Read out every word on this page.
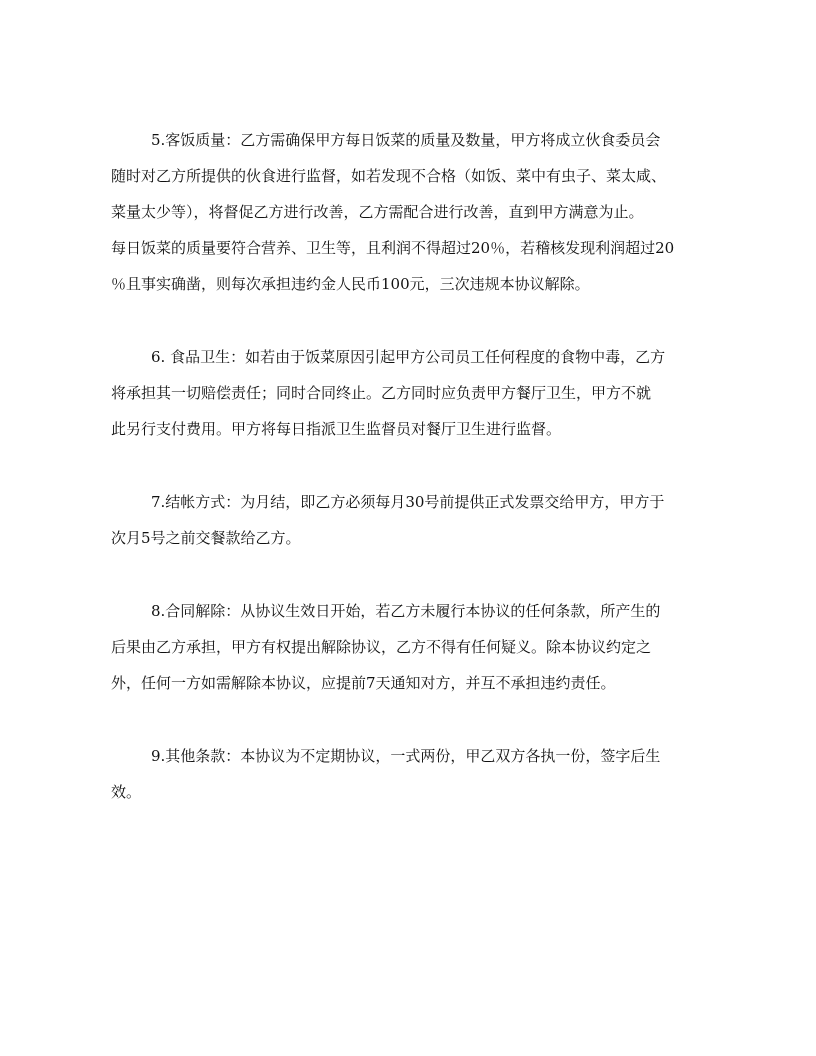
5.客饭质量：乙方需确保甲方每日饭菜的质量及数量，甲方将成立伙食委员会
随时对乙方所提供的伙食进行监督，如若发现不合格（如饭、菜中有虫子、菜太咸、
菜量太少等），将督促乙方进行改善，乙方需配合进行改善，直到甲方满意为止。
每日饭菜的质量要符合营养、卫生等，且利润不得超过20％，若稽核发现利润超过20
％且事实确凿，则每次承担违约金人民币100元，三次违规本协议解除。
6. 食品卫生：如若由于饭菜原因引起甲方公司员工任何程度的食物中毒，乙方
将承担其一切赔偿责任；同时合同终止。乙方同时应负责甲方餐厅卫生，甲方不就
此另行支付费用。甲方将每日指派卫生监督员对餐厅卫生进行监督。
7.结帐方式：为月结，即乙方必须每月30号前提供正式发票交给甲方，甲方于
次月5号之前交餐款给乙方。
8.合同解除：从协议生效日开始，若乙方未履行本协议的任何条款，所产生的
后果由乙方承担，甲方有权提出解除协议，乙方不得有任何疑义。除本协议约定之
外，任何一方如需解除本协议，应提前7天通知对方，并互不承担违约责任。
9.其他条款：本协议为不定期协议，一式两份，甲乙双方各执一份，签字后生
效。
